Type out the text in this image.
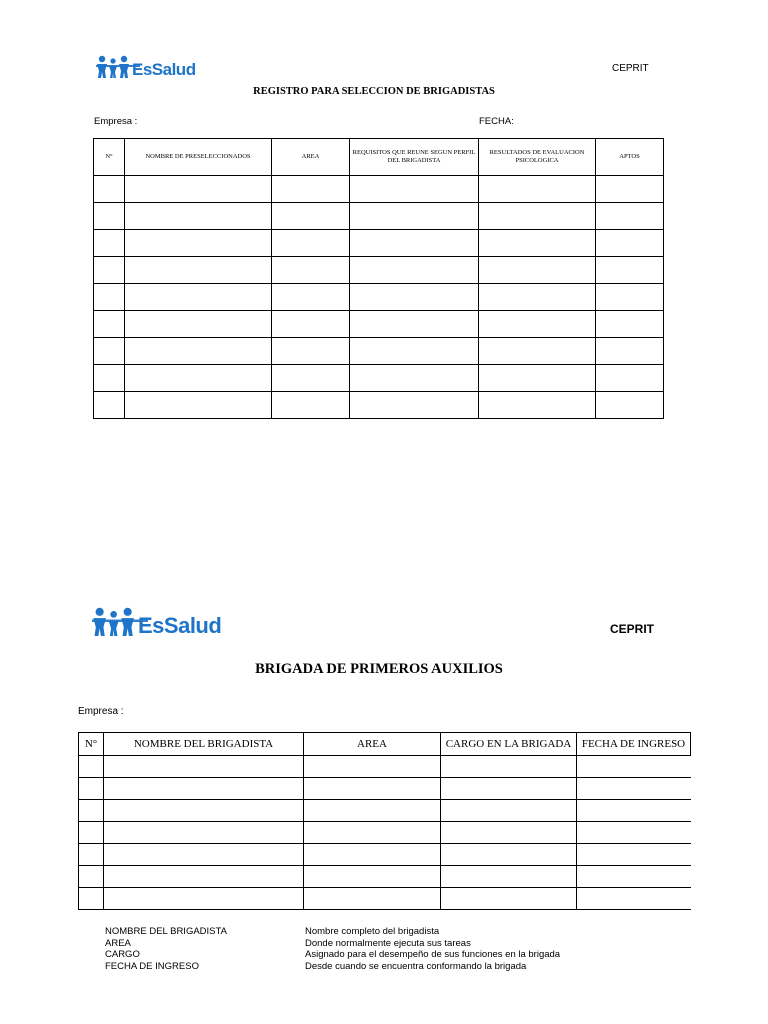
EsSalud	CEPRIT
REGISTRO PARA SELECCION DE BRIGADISTAS
Empresa :	FECHA:
N°	NOMBRE DE PRESELECCIONADOS	AREA	REQUISITOS QUE REUNE SEGUN PERFIL DEL BRIGADISTA	RESULTADOS DE EVALUACION PSICOLOGICA	APTOS

EsSalud	CEPRIT
BRIGADA DE PRIMEROS AUXILIOS
Empresa :
N°	NOMBRE DEL BRIGADISTA	AREA	CARGO EN LA BRIGADA	FECHA DE INGRESO

NOMBRE DEL BRIGADISTA	Nombre completo del brigadista
AREA	Donde normalmente ejecuta sus tareas
CARGO	Asignado para el desempeño de sus funciones en la brigada
FECHA DE INGRESO	Desde cuando se encuentra conformando la brigada
